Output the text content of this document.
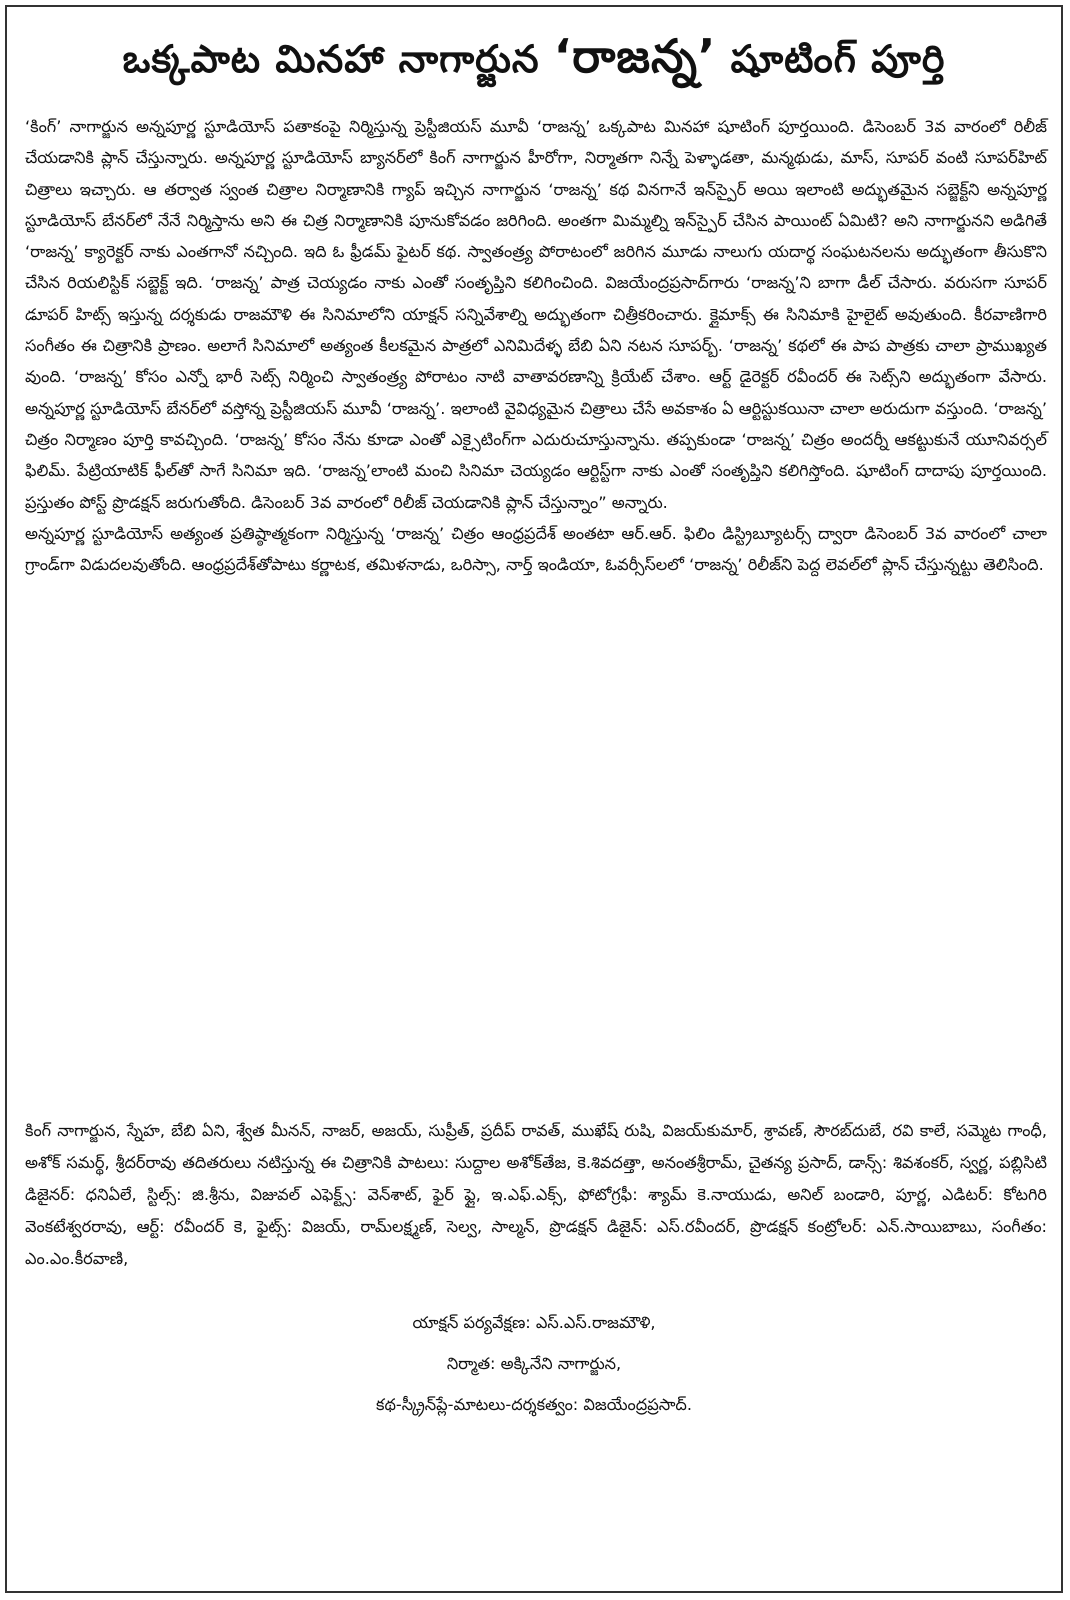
ఒక్కపాట మినహా నాగార్జున ‘రాజన్న’ షూటింగ్ పూర్తి

‘కింగ్’ నాగార్జున అన్నపూర్ణ స్టూడియోస్ పతాకంపై నిర్మిస్తున్న ప్రెస్టీజియస్ మూవీ ‘రాజన్న’ ఒక్కపాట మినహా షూటింగ్ పూర్తయింది. డిసెంబర్ 3వ వారంలో రిలీజ్ చేయడానికి ప్లాన్ చేస్తున్నారు. అన్నపూర్ణ స్టూడియోస్ బ్యానర్‌లో కింగ్ నాగార్జున హీరోగా, నిర్మాతగా నిన్నే పెళ్ళాడతా, మన్మథుడు, మాస్, సూపర్ వంటి సూపర్‌హిట్ చిత్రాలు ఇచ్చారు. ఆ తర్వాత స్వంత చిత్రాల నిర్మాణానికి గ్యాప్ ఇచ్చిన నాగార్జున ‘రాజన్న’ కథ వినగానే ఇన్‌స్పైర్ అయి ఇలాంటి అద్భుతమైన సబ్జెక్ట్‌ని అన్నపూర్ణ స్టూడియోస్ బేనర్‌లో నేనే నిర్మిస్తాను అని ఈ చిత్ర నిర్మాణానికి పూనుకోవడం జరిగింది. అంతగా మిమ్మల్ని ఇన్‌స్పైర్ చేసిన పాయింట్ ఏమిటి? అని నాగార్జునని అడిగితే ‘రాజన్న’ క్యారెక్టర్ నాకు ఎంతగానో నచ్చింది. ఇది ఓ ఫ్రీడమ్ ఫైటర్ కథ. స్వాతంత్ర్య పోరాటంలో జరిగిన మూడు నాలుగు యదార్థ సంఘటనలను అద్భుతంగా తీసుకొని చేసిన రియలిస్టిక్ సబ్జెక్ట్ ఇది. ‘రాజన్న’ పాత్ర చెయ్యడం నాకు ఎంతో సంతృప్తిని కలిగించింది. విజయేంద్రప్రసాద్‌గారు ‘రాజన్న’ని బాగా డీల్ చేసారు. వరుసగా సూపర్ డూపర్ హిట్స్ ఇస్తున్న దర్శకుడు రాజమౌళి ఈ సినిమాలోని యాక్షన్ సన్నివేశాల్ని అద్భుతంగా చిత్రీకరించారు. క్లైమాక్స్ ఈ సినిమాకి హైలైట్ అవుతుంది. కీరవాణిగారి సంగీతం ఈ చిత్రానికి ప్రాణం. అలాగే సినిమాలో అత్యంత కీలకమైన పాత్రలో ఎనిమిదేళ్ళ బేబి ఏని నటన సూపర్బ్. ‘రాజన్న’ కథలో ఈ పాప పాత్రకు చాలా ప్రాముఖ్యత వుంది. ‘రాజన్న’ కోసం ఎన్నో భారీ సెట్స్ నిర్మించి స్వాతంత్ర్య పోరాటం నాటి వాతావరణాన్ని క్రియేట్ చేశాం. ఆర్ట్ డైరెక్టర్ రవీందర్ ఈ సెట్స్‌ని అద్భుతంగా వేసారు. అన్నపూర్ణ స్టూడియోస్ బేనర్‌లో వస్తోన్న ప్రెస్టీజియస్ మూవీ ‘రాజన్న’. ఇలాంటి వైవిధ్యమైన చిత్రాలు చేసే అవకాశం ఏ ఆర్టిస్టుకయినా చాలా అరుదుగా వస్తుంది. ‘రాజన్న’ చిత్రం నిర్మాణం పూర్తి కావచ్చింది. ‘రాజన్న’ కోసం నేను కూడా ఎంతో ఎక్సైటింగ్‌గా ఎదురుచూస్తున్నాను. తప్పకుండా ‘రాజన్న’ చిత్రం అందర్నీ ఆకట్టుకునే యూనివర్సల్ ఫిలిమ్. పేట్రియాటిక్ ఫీల్‌తో సాగే సినిమా ఇది. ‘రాజన్న’లాంటి మంచి సినిమా చెయ్యడం ఆర్టిస్ట్‌గా నాకు ఎంతో సంతృప్తిని కలిగిస్తోంది. షూటింగ్ దాదాపు పూర్తయింది. ప్రస్తుతం పోస్ట్ ప్రొడక్షన్ జరుగుతోంది. డిసెంబర్ 3వ వారంలో రిలీజ్ చెయడానికి ప్లాన్ చేస్తున్నాం” అన్నారు.

అన్నపూర్ణ స్టూడియోస్ అత్యంత ప్రతిష్ఠాత్మకంగా నిర్మిస్తున్న ‘రాజన్న’ చిత్రం ఆంధ్రప్రదేశ్ అంతటా ఆర్.ఆర్. ఫిలిం డిస్ట్రిబ్యూటర్స్ ద్వారా డిసెంబర్ 3వ వారంలో చాలా గ్రాండ్‌గా విడుదలవుతోంది. ఆంధ్రప్రదేశ్‌తోపాటు కర్ణాటక, తమిళనాడు, ఒరిస్సా, నార్త్ ఇండియా, ఓవర్సీస్‌లలో ‘రాజన్న’ రిలీజ్‌ని పెద్ద లెవల్‌లో ప్లాన్ చేస్తున్నట్టు తెలిసింది.

కింగ్ నాగార్జున, స్నేహ, బేబి ఏని, శ్వేత మీనన్, నాజర్, అజయ్, సుప్రీత్, ప్రదీప్ రావత్, ముఖేష్ రుషి, విజయ్‌కుమార్, శ్రావణ్, సౌరబ్‌దుబే, రవి కాలే, సమ్మెట గాంధీ, అశోక్ సమర్థ్, శ్రీదర్‌రావు తదితరులు నటిస్తున్న ఈ చిత్రానికి పాటలు: సుద్దాల అశోక్‌తేజ, కె.శివదత్తా, అనంతశ్రీరామ్, చైతన్య ప్రసాద్, డాన్స్: శివశంకర్, స్వర్ణ, పబ్లిసిటి డిజైనర్: ధనిఏలే, స్టిల్స్: జి.శ్రీను, విజువల్ ఎఫెక్ట్స్: వెన్‌శాట్, ఫైర్ ఫ్లై, ఇ.ఎఫ్.ఎక్స్, ఫోటోగ్రఫీ: శ్యామ్ కె.నాయుడు, అనిల్ బండారి, పూర్ణ, ఎడిటర్: కోటగిరి వెంకటేశ్వరరావు, ఆర్ట్: రవీందర్ కె, ఫైట్స్: విజయ్, రామ్‌లక్ష్మణ్, సెల్వ, సాల్మన్, ప్రొడక్షన్ డిజైన్: ఎస్.రవీందర్, ప్రొడక్షన్ కంట్రోలర్: ఎన్.సాయిబాబు, సంగీతం: ఎం.ఎం.కీరవాణి,

యాక్షన్ పర్యవేక్షణ: ఎస్.ఎస్.రాజమౌళి,
నిర్మాత: అక్కినేని నాగార్జున,
కథ-స్క్రీన్‌ప్లే-మాటలు-దర్శకత్వం: విజయేంద్రప్రసాద్.
